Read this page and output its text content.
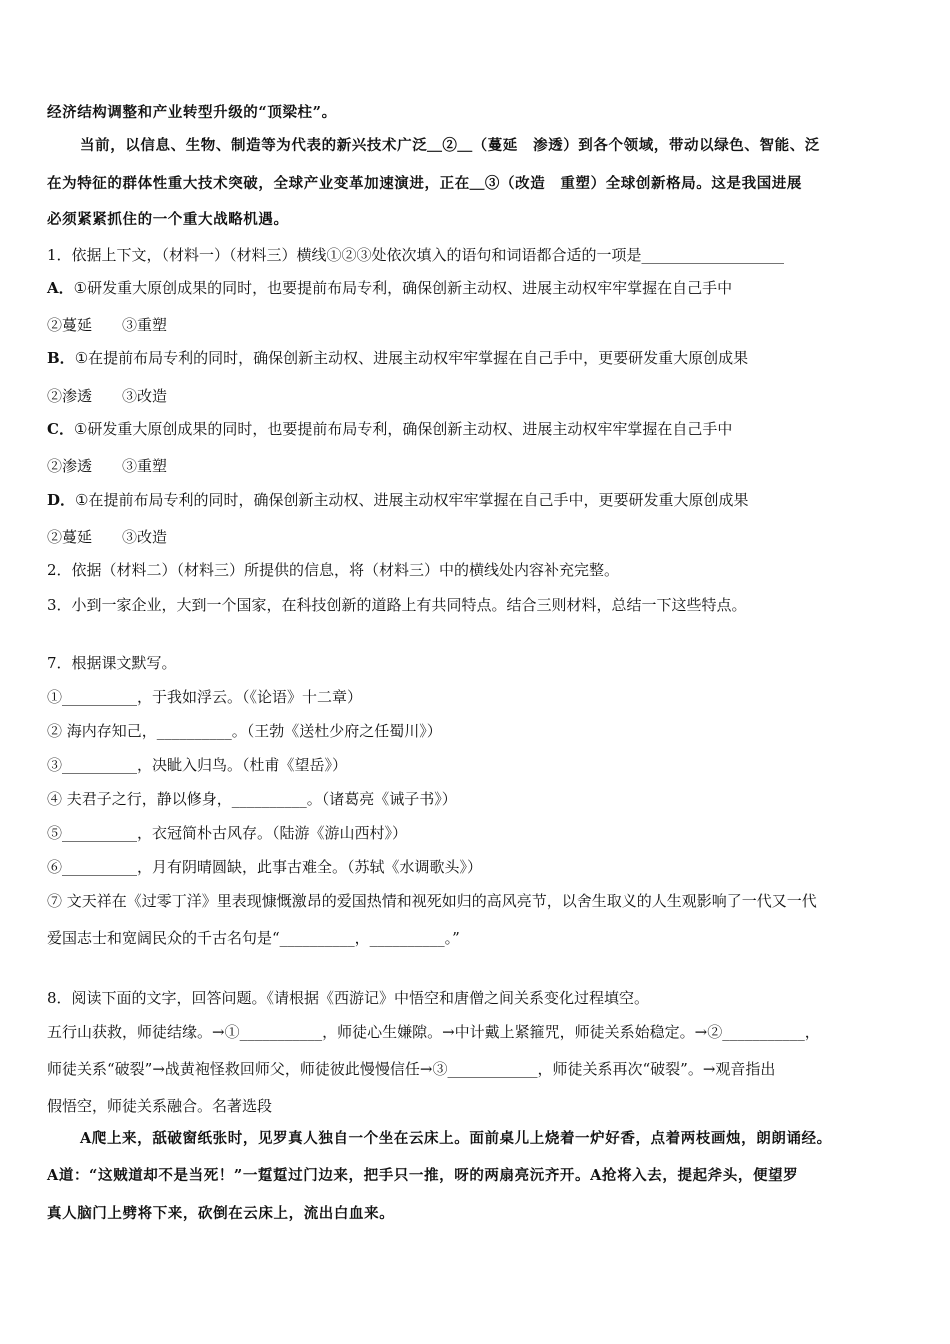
经济结构调整和产业转型升级的“顶梁柱”。
当前，以信息、生物、制造等为代表的新兴技术广泛＿②＿（蔓延　渗透）到各个领域，带动以绿色、智能、泛
在为特征的群体性重大技术突破，全球产业变革加速演进，正在＿③（改造　重塑）全球创新格局。这是我国进展
必须紧紧抓住的一个重大战略机遇。
1．依据上下文，（材料一）（材料三）横线①②③处依次填入的语句和词语都合适的一项是___________________
A．①研发重大原创成果的同时，也要提前布局专利，确保创新主动权、进展主动权牢牢掌握在自己手中
②蔓延　　③重塑
B．①在提前布局专利的同时，确保创新主动权、进展主动权牢牢掌握在自己手中，更要研发重大原创成果
②渗透　　③改造
C．①研发重大原创成果的同时，也要提前布局专利，确保创新主动权、进展主动权牢牢掌握在自己手中
②渗透　　③重塑
D．①在提前布局专利的同时，确保创新主动权、进展主动权牢牢掌握在自己手中，更要研发重大原创成果
②蔓延　　③改造
2．依据（材料二）（材料三）所提供的信息，将（材料三）中的横线处内容补充完整。
3．小到一家企业，大到一个国家，在科技创新的道路上有共同特点。结合三则材料，总结一下这些特点。
7．根据课文默写。
①__________，于我如浮云。（《论语》十二章）
② 海内存知己，__________。（王勃《送杜少府之任蜀川》）
③__________，决眦入归鸟。（杜甫《望岳》）
④ 夫君子之行，静以修身，__________。（诸葛亮《诫子书》）
⑤__________，衣冠简朴古风存。（陆游《游山西村》）
⑥__________，月有阴晴圆缺，此事古难全。（苏轼《水调歌头》）
⑦ 文天祥在《过零丁洋》里表现慷慨激昂的爱国热情和视死如归的高风亮节，以舍生取义的人生观影响了一代又一代
爱国志士和宽阔民众的千古名句是“__________，__________。”
8．阅读下面的文字，回答问题。《请根据《西游记》中悟空和唐僧之间关系变化过程填空。
五行山获救，师徒结缘。→①___________，师徒心生嫌隙。→中计戴上紧箍咒，师徒关系始稳定。→②___________，
师徒关系“破裂”→战黄袍怪救回师父，师徒彼此慢慢信任→③____________，师徒关系再次“破裂”。→观音指出
假悟空，师徒关系融合。名著选段
A爬上来，舐破窗纸张时，见罗真人独自一个坐在云床上。面前桌儿上烧着一炉好香，点着两枝画烛，朗朗诵经。
A道：“这贼道却不是当死！”一踅踅过门边来，把手只一推，呀的两扇亮沅齐开。A抢将入去，提起斧头，便望罗
真人脑门上劈将下来，砍倒在云床上，流出白血来。
